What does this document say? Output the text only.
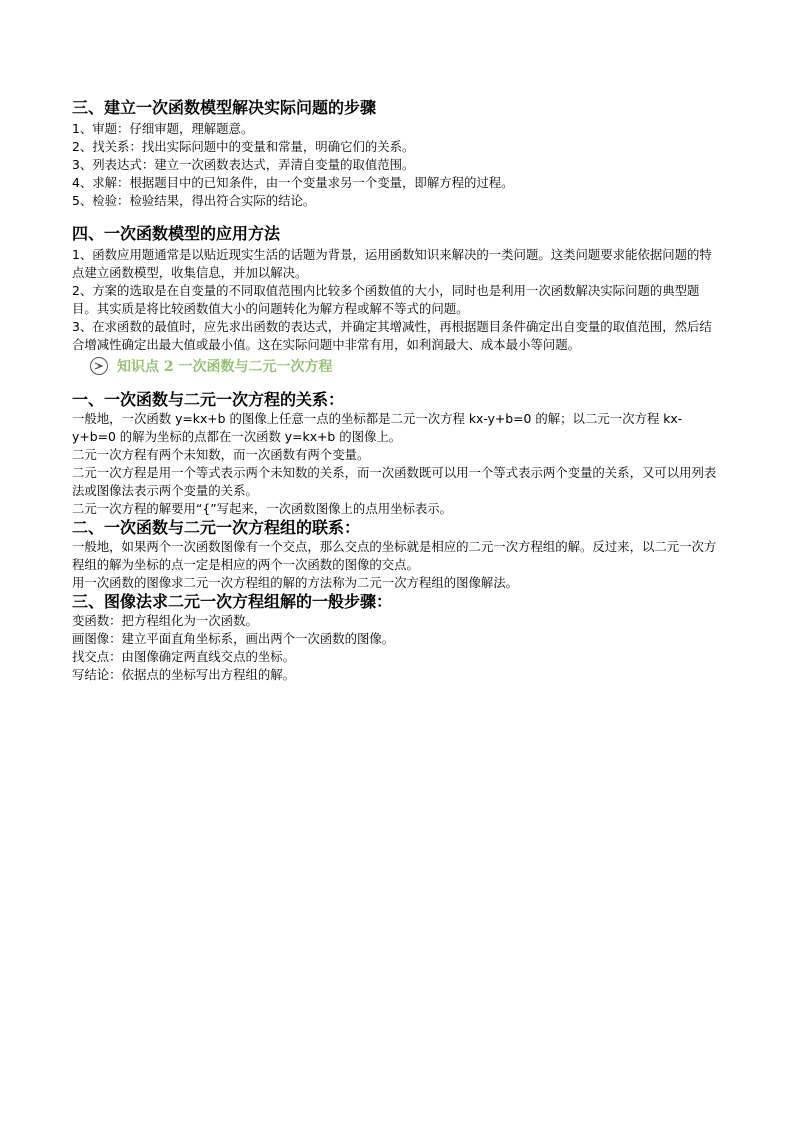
三、建立一次函数模型解决实际问题的步骤
1、审题：仔细审题，理解题意。
2、找关系：找出实际问题中的变量和常量，明确它们的关系。
3、列表达式：建立一次函数表达式，弄清自变量的取值范围。
4、求解：根据题目中的已知条件，由一个变量求另一个变量，即解方程的过程。
5、检验：检验结果，得出符合实际的结论。
四、一次函数模型的应用方法
1、函数应用题通常是以贴近现实生活的话题为背景，运用函数知识来解决的一类问题。这类问题要求能依据问题的特点建立函数模型，收集信息，并加以解决。
2、方案的选取是在自变量的不同取值范围内比较多个函数值的大小，同时也是利用一次函数解决实际问题的典型题目。其实质是将比较函数值大小的问题转化为解方程或解不等式的问题。
3、在求函数的最值时，应先求出函数的表达式，并确定其增减性，再根据题目条件确定出自变量的取值范围，然后结合增减性确定出最大值或最小值。这在实际问题中非常有用，如利润最大、成本最小等问题。
知识点 2 一次函数与二元一次方程
一、一次函数与二元一次方程的关系：
一般地，一次函数 y=kx+b 的图像上任意一点的坐标都是二元一次方程 kx-y+b=0 的解；以二元一次方程 kx-y+b=0 的解为坐标的点都在一次函数 y=kx+b 的图像上。
二元一次方程有两个未知数，而一次函数有两个变量。
二元一次方程是用一个等式表示两个未知数的关系，而一次函数既可以用一个等式表示两个变量的关系，又可以用列表法或图像法表示两个变量的关系。
二元一次方程的解要用“{”写起来，一次函数图像上的点用坐标表示。
二、一次函数与二元一次方程组的联系：
一般地，如果两个一次函数图像有一个交点，那么交点的坐标就是相应的二元一次方程组的解。反过来，以二元一次方程组的解为坐标的点一定是相应的两个一次函数的图像的交点。
用一次函数的图像求二元一次方程组的解的方法称为二元一次方程组的图像解法。
三、图像法求二元一次方程组解的一般步骤：
变函数：把方程组化为一次函数。
画图像：建立平面直角坐标系，画出两个一次函数的图像。
找交点：由图像确定两直线交点的坐标。
写结论：依据点的坐标写出方程组的解。
